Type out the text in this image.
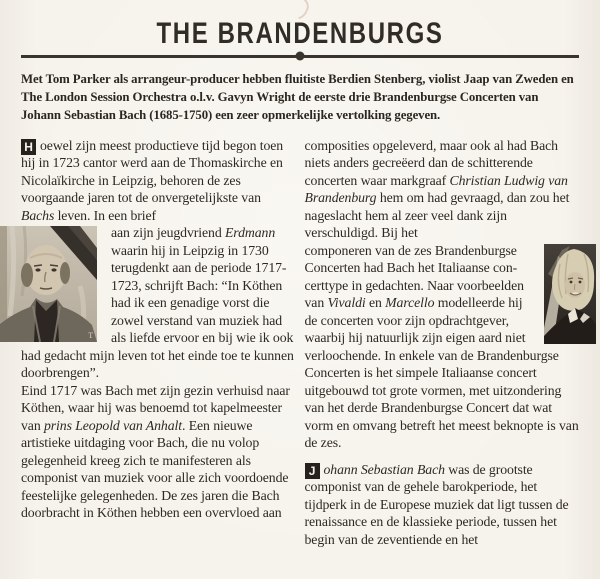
THE BRANDENBURGS

Met Tom Parker als arrangeur-producer hebben fluitiste Berdien Stenberg, violist Jaap van Zweden en The London Session Orchestra o.l.v. Gavyn Wright de eerste drie Brandenburgse Concerten van Johann Sebastian Bach (1685-1750) een zeer opmerkelijke vertolking gegeven.

H oewel zijn meest productieve tijd begon toen hij in 1723 cantor werd aan de Thomaskirche en Nicolaïkirche in Leipzig, behoren de zes voorgaande jaren tot de onvergetelijkste van Bachs leven. In een brief

T
aan zijn jeugdvriend Erdmann waarin hij in Leipzig in 1730 terugdenkt aan de periode 1717-1723, schrijft Bach: “In Köthen had ik een genadige vorst die zowel verstand van muziek had als liefde ervoor en bij wie ik ook had gedacht mijn leven tot het einde toe te kunnen doorbrengen”.

Eind 1717 was Bach met zijn gezin verhuisd naar Köthen, waar hij was benoemd tot kapelmeester van prins Leopold van Anhalt. Een nieuwe artistieke uitdaging voor Bach, die nu volop gelegenheid kreeg zich te manifesteren als componist van muziek voor alle zich voordoende feestelijke gelegenheden. De zes jaren die Bach doorbracht in Köthen hebben een overvloed aan

composities opgeleverd, maar ook al had Bach niets anders gecreëerd dan de schitterende concerten waar markgraaf Christian Ludwig van Brandenburg hem om had gevraagd, dan zou het nageslacht hem al zeer veel dank zijn verschuldigd. Bij het

componeren van de zes Brandenburgse Concerten had Bach het Italiaanse concerttype in gedachten. Naar voorbeelden van Vivaldi en Marcello modelleerde hij de concerten voor zijn opdrachtgever, waarbij hij natuurlijk zijn eigen aard niet verloochende. In enkele van de Brandenburgse Concerten is het simpele Italiaanse concert uitgebouwd tot grote vormen, met uitzondering van het derde Brandenburgse Concert dat wat vorm en omvang betreft het meest beknopte is van de zes.

J ohann Sebastian Bach was de grootste componist van de gehele barokperiode, het tijdperk in de Europese muziek dat ligt tussen de renaissance en de klassieke periode, tussen het begin van de zeventiende en het
